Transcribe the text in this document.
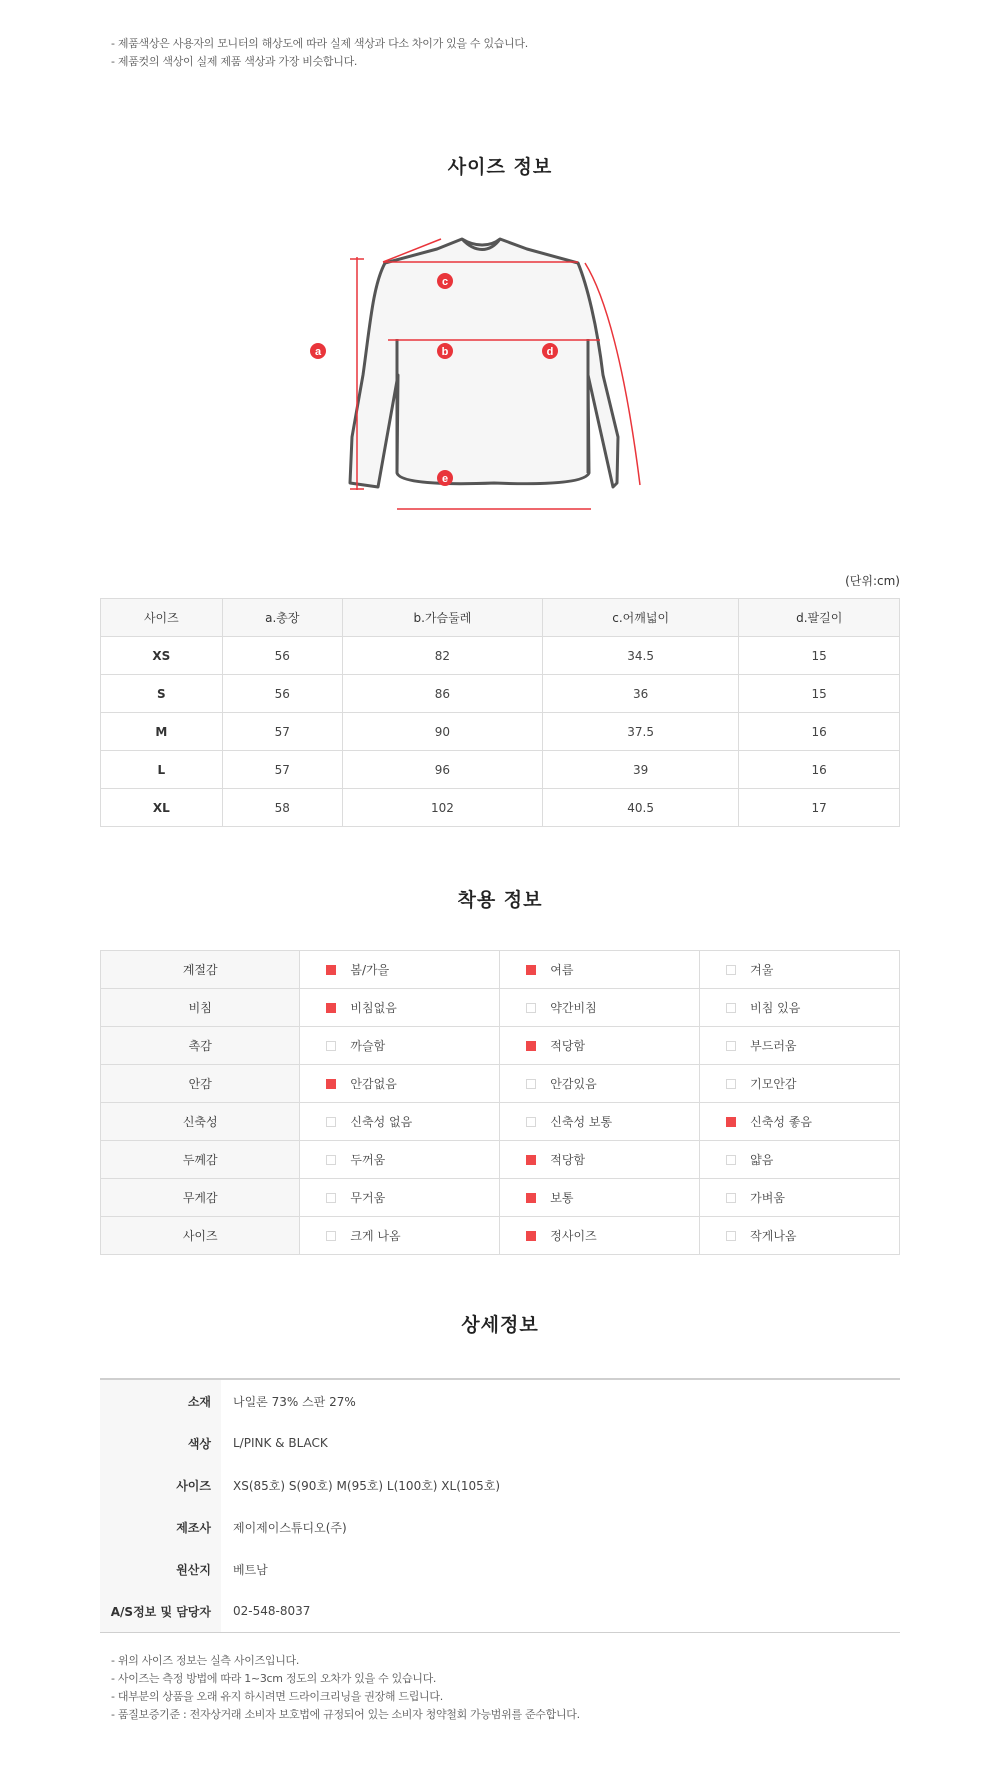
- 제품색상은 사용자의 모니터의 해상도에 따라 실제 색상과 다소 차이가 있을 수 있습니다.
- 제품컷의 색상이 실제 제품 색상과 가장 비슷합니다.
사이즈 정보
c
a	b	d
e
(단위:cm)
사이즈	a.총장	b.가슴둘레	c.어깨넓이	d.팔길이
XS	56	82	34.5	15
S	56	86	36	15
M	57	90	37.5	16
L	57	96	39	16
XL	58	102	40.5	17
착용 정보
계절감	봄/가을	여름	겨울

비침	비침없음	약간비침	비침 있음

촉감	까슬함	적당함	부드러움

안감	안감없음	안감있음	기모안감

신축성	신축성 없음	신축성 보통	신축성 좋음

두께감	두꺼움	적당함	얇음

무게감	무거움	보통	가벼움

사이즈	크게 나옴	정사이즈	작게나옴
상세정보
소재	나일론 73% 스판 27%
색상	L/PINK & BLACK
사이즈	XS(85호) S(90호) M(95호) L(100호) XL(105호)
제조사	제이제이스튜디오(주)
원산지	베트남
A/S정보 및 담당자	02-548-8037
- 위의 사이즈 정보는 실측 사이즈입니다.
- 사이즈는 측정 방법에 따라 1~3cm 정도의 오차가 있을 수 있습니다.
- 대부분의 상품을 오래 유지 하시려면 드라이크리닝을 권장해 드립니다.
- 품질보증기준 : 전자상거래 소비자 보호법에 규정되어 있는 소비자 청약철회 가능범위를 준수합니다.
